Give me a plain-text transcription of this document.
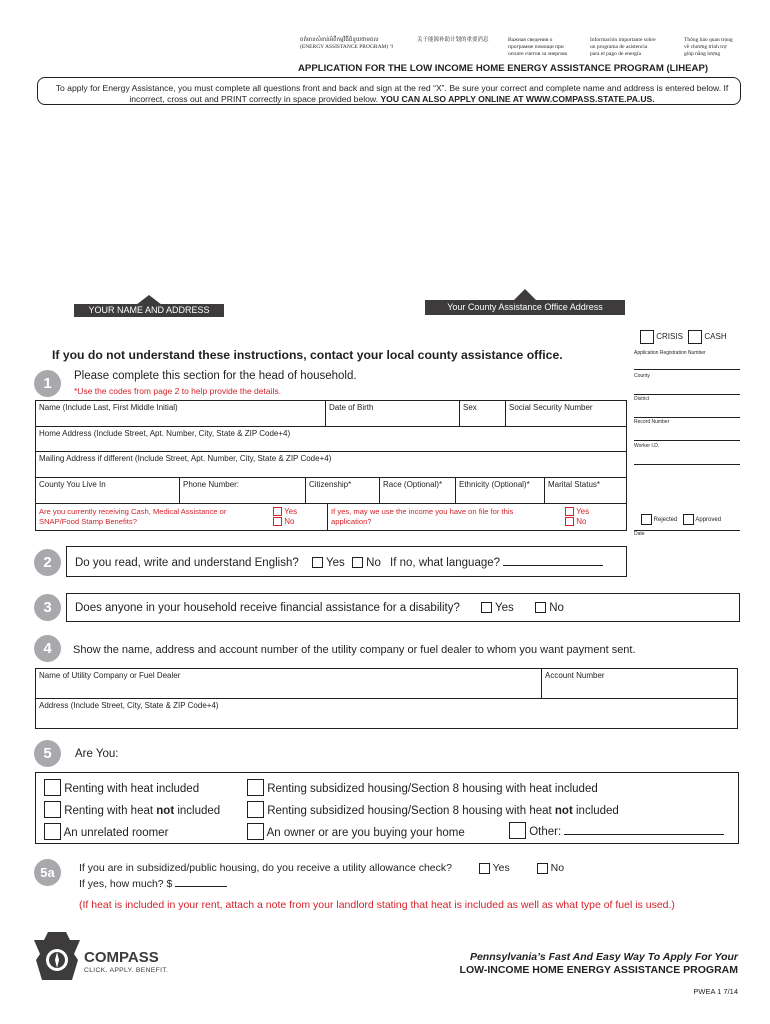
ពត៌មានសំខាន់អំពីកម្មវិធីជំនួយថាមពល
(ENERGY ASSISTANCE PROGRAM) ។
关于能源补助计划的重要消息	Важная сведения о
программе помощи при
оплате счетов за энергию
Información importante sobre
un programa de asistencia
para el pago de energía
Thông báo quan trọng
về chương trình trợ
giúp năng lượng
APPLICATION FOR THE LOW INCOME HOME ENERGY ASSISTANCE PROGRAM (LIHEAP)
To apply for Energy Assistance, you must complete all questions front and back and sign at the red “X”. Be sure your correct and complete name and address is entered below. If incorrect, cross out and PRINT correctly in space provided below. YOU CAN ALSO APPLY ONLINE AT WWW.COMPASS.STATE.PA.US.
YOUR NAME AND ADDRESS	Your County Assistance Office Address
CRISIS	CASH
Application Registration Number
County
District
Record Number
Worker I.D.
Rejected	Approved
Date
If you do not understand these instructions, contact your local county assistance office.
1	Please complete this section for the head of household.
*Use the codes from page 2 to help provide the details.
Name (Include Last, First Middle Initial)	Date of Birth	Sex	Social Security Number
Home Address (Include Street, Apt. Number, City, State & ZIP Code+4)
Mailing Address if different (Include Street, Apt. Number, City, State & ZIP Code+4)
County You Live In	Phone Number:	Citizenship*	Race (Optional)*	Ethnicity (Optional)*	Marital Status*
Are you currently receiving Cash, Medical Assistance or SNAP/Food Stamp Benefits?
Yes
No
If yes, may we use the income you have on file for this application?
Yes
No
2	Do you read, write and understand English? Yes No If no, what language?
3	Does anyone in your household receive financial assistance for a disability?	Yes	No
4	Show the name, address and account number of the utility company or fuel dealer to whom you want payment sent.
Name of Utility Company or Fuel Dealer	Account Number
Address (Include Street, City, State & ZIP Code+4)
5	Are You:
Renting with heat included
Renting with heat not included
An unrelated roomer
Renting subsidized housing/Section 8 housing with heat included
Renting subsidized housing/Section 8 housing with heat not included
An owner or are you buying your home	Other:
5a	If you are in subsidized/public housing, do you receive a utility allowance check?	Yes	No
If yes, how much? $
(If heat is included in your rent, attach a note from your landlord stating that heat is included as well as what type of fuel is used.)
COMPASS
CLICK. APPLY. BENEFIT.
Pennsylvania’s Fast And Easy Way To Apply For Your
LOW-INCOME HOME ENERGY ASSISTANCE PROGRAM
PWEA 1 7/14
